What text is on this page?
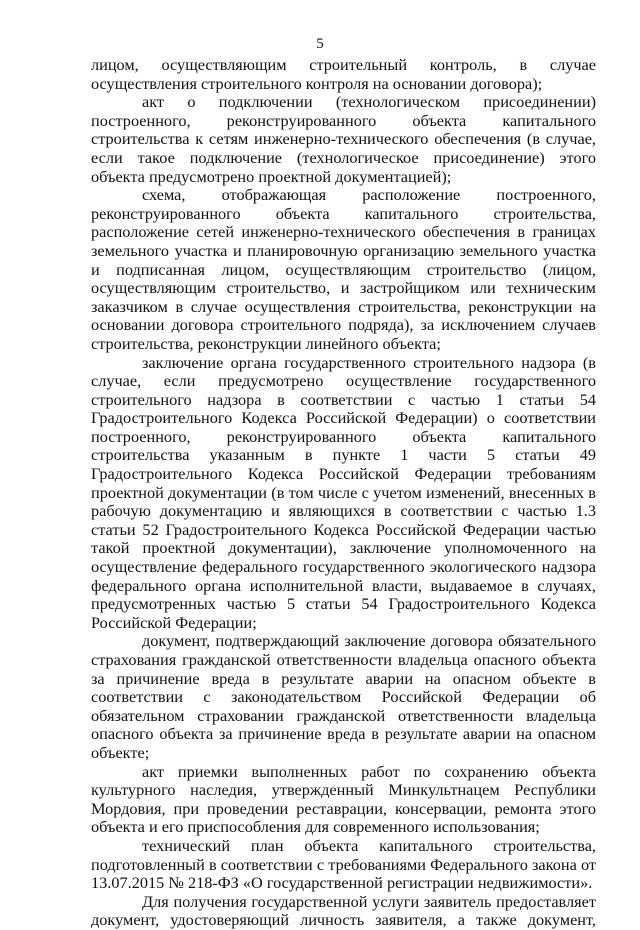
5

лицом, осуществляющим строительный контроль, в случае осуществления строительного контроля на основании договора);

акт о подключении (технологическом присоединении) построенного, реконструированного объекта капитального строительства к сетям инженерно-технического обеспечения (в случае, если такое подключение (технологическое присоединение) этого объекта предусмотрено проектной документацией);

схема, отображающая расположение построенного, реконструированного объекта капитального строительства, расположение сетей инженерно-технического обеспечения в границах земельного участка и планировочную организацию земельного участка и подписанная лицом, осуществляющим строительство (лицом, осуществляющим строительство, и застройщиком или техническим заказчиком в случае осуществления строительства, реконструкции на основании договора строительного подряда), за исключением случаев строительства, реконструкции линейного объекта;

заключение органа государственного строительного надзора (в случае, если предусмотрено осуществление государственного строительного надзора в соответствии с частью 1 статьи 54 Градостроительного Кодекса Российской Федерации) о соответствии построенного, реконструированного объекта капитального строительства указанным в пункте 1 части 5 статьи 49 Градостроительного Кодекса Российской Федерации требованиям проектной документации (в том числе с учетом изменений, внесенных в рабочую документацию и являющихся в соответствии с частью 1.3 статьи 52 Градостроительного Кодекса Российской Федерации частью такой проектной документации), заключение уполномоченного на осуществление федерального государственного экологического надзора федерального органа исполнительной власти, выдаваемое в случаях, предусмотренных частью 5 статьи 54 Градостроительного Кодекса Российской Федерации;

документ, подтверждающий заключение договора обязательного страхования гражданской ответственности владельца опасного объекта за причинение вреда в результате аварии на опасном объекте в соответствии с законодательством Российской Федерации об обязательном страховании гражданской ответственности владельца опасного объекта за причинение вреда в результате аварии на опасном объекте;

акт приемки выполненных работ по сохранению объекта культурного наследия, утвержденный Минкультнацем Республики Мордовия, при проведении реставрации, консервации, ремонта этого объекта и его приспособления для современного использования;

технический план объекта капитального строительства, подготовленный в соответствии с требованиями Федерального закона от 13.07.2015 № 218-ФЗ «О государственной регистрации недвижимости».

Для получения государственной услуги заявитель предоставляет документ, удостоверяющий личность заявителя, а также документ,
